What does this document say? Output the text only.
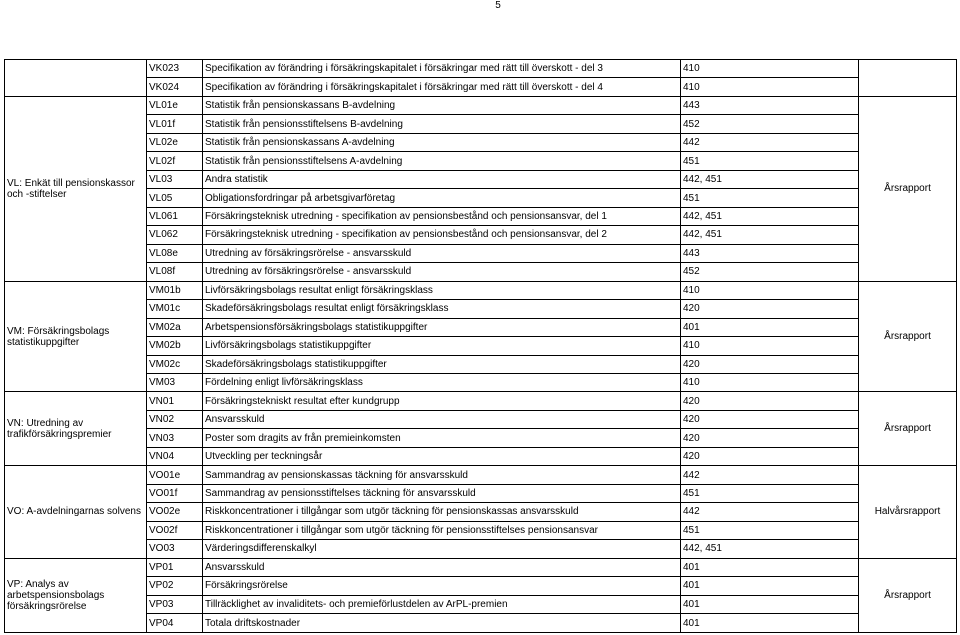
5
	VK023	Specifikation av förändring i försäkringskapitalet i försäkringar med rätt till överskott - del 3	410	
	VK024	Specifikation av förändring i försäkringskapitalet i försäkringar med rätt till överskott - del 4	410	
VL: Enkät till pensionskassor och -stiftelser	VL01e	Statistik från pensionskassans B-avdelning	443	Årsrapport
	VL01f	Statistik från pensionsstiftelsens B-avdelning	452	
	VL02e	Statistik från pensionskassans A-avdelning	442	
	VL02f	Statistik från pensionsstiftelsens A-avdelning	451	
	VL03	Andra statistik	442, 451	
	VL05	Obligationsfordringar på arbetsgivarföretag	451	
	VL061	Försäkringsteknisk utredning - specifikation av pensionsbestånd och pensionsansvar, del 1	442, 451	
	VL062	Försäkringsteknisk utredning - specifikation av pensionsbestånd och pensionsansvar, del 2	442, 451	
	VL08e	Utredning av försäkringsrörelse - ansvarsskuld	443	
	VL08f	Utredning av försäkringsrörelse - ansvarsskuld	452	
VM: Försäkringsbolags statistikuppgifter	VM01b	Livförsäkringsbolags resultat enligt försäkringsklass	410	Årsrapport
	VM01c	Skadeförsäkringsbolags resultat enligt försäkringsklass	420	
	VM02a	Arbetspensionsförsäkringsbolags statistikuppgifter	401	
	VM02b	Livförsäkringsbolags statistikuppgifter	410	
	VM02c	Skadeförsäkringsbolags statistikuppgifter	420	
	VM03	Fördelning enligt livförsäkringsklass	410	
VN: Utredning av trafikförsäkringspremier	VN01	Försäkringstekniskt resultat efter kundgrupp	420	Årsrapport
	VN02	Ansvarsskuld	420	
	VN03	Poster som dragits av från premieinkomsten	420	
	VN04	Utveckling per teckningsår	420	
VO: A-avdelningarnas solvens	VO01e	Sammandrag av pensionskassas täckning för ansvarsskuld	442	Halvårsrapport
	VO01f	Sammandrag av pensionsstiftelses täckning för ansvarsskuld	451	
	VO02e	Riskkoncentrationer i tillgångar som utgör täckning för pensionskassas ansvarsskuld	442	
	VO02f	Riskkoncentrationer i tillgångar som utgör täckning för pensionsstiftelses pensionsansvar	451	
	VO03	Värderingsdifferenskalkyl	442, 451	
VP: Analys av arbetspensionsbolags försäkringsrörelse	VP01	Ansvarsskuld	401	Årsrapport
	VP02	Försäkringsrörelse	401	
	VP03	Tillräcklighet av invaliditets- och premieförlustdelen av ArPL-premien	401	
	VP04	Totala driftskostnader	401	
